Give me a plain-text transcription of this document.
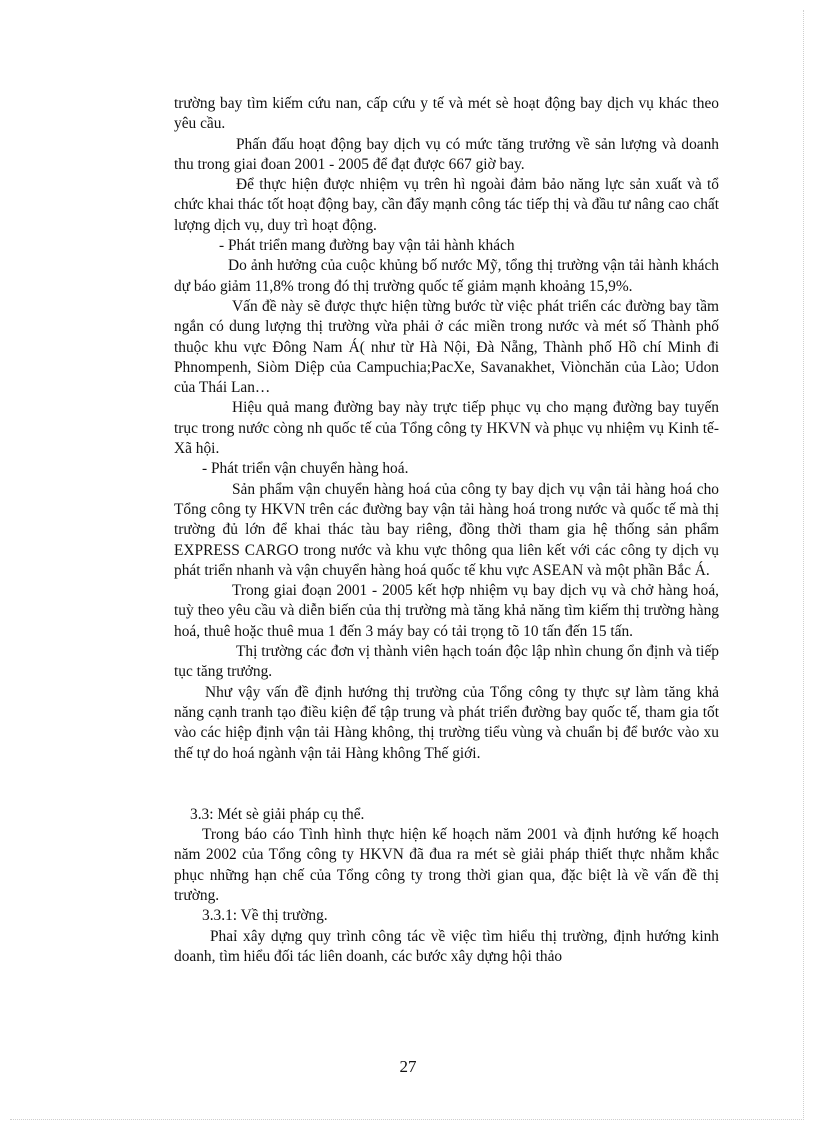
trường bay tìm kiếm cứu nan, cấp cứu y tế và mét sè hoạt động bay dịch vụ khác theo yêu cầu.

Phấn đấu hoạt động bay dịch vụ có mức tăng trưởng về sản lượng và doanh thu trong giai đoan 2001 - 2005 để đạt được 667 giờ bay.

Để thực hiện được nhiệm vụ trên hì ngoài đảm bảo năng lực sản xuất và tổ chức khai thác tốt hoạt động bay, cần đẩy mạnh công tác tiếp thị và đầu tư nâng cao chất lượng dịch vụ, duy trì hoạt động.

- Phát triển mang đường bay vận tải hành khách

Do ảnh hưởng của cuộc khủng bố nước Mỹ, tổng thị trường vận tải hành khách dự báo giảm 11,8% trong đó thị trường quốc tế giảm mạnh khoảng 15,9%.

Vấn đề này sẽ được thực hiện từng bước từ việc phát triển các đường bay tầm ngắn có dung lượng thị trường vừa phải ở các miền trong nước và mét số Thành phố thuộc khu vực Đông Nam Á( như từ Hà Nội, Đà Nẵng, Thành phố Hồ chí Minh đi Phnompenh, Siòm Diệp của Campuchia;PacXe, Savanakhet, Viònchăn của Lào; Udon của Thái Lan…

Hiệu quả mang đường bay này trực tiếp phục vụ cho mạng đường bay tuyến trục trong nước còng nh quốc tế của Tổng công ty HKVN và phục vụ nhiệm vụ Kinh tế- Xã hội.

- Phát triển vận chuyển hàng hoá.

Sản phẩm vận chuyển hàng hoá của công ty bay dịch vụ vận tải hàng hoá cho Tổng công ty HKVN trên các đường bay vận tải hàng hoá trong nước và quốc tế mà thị trường đủ lớn để khai thác tàu bay riêng, đồng thời tham gia hệ thống sản phẩm EXPRESS CARGO trong nước và khu vực thông qua liên kết với các công ty dịch vụ phát triển nhanh và vận chuyển hàng hoá quốc tế khu vực ASEAN và một phần Bắc Á.

Trong giai đoạn 2001 - 2005 kết hợp nhiệm vụ bay dịch vụ và chở hàng hoá, tuỳ theo yêu cầu và diễn biến của thị trường mà tăng khả năng tìm kiếm thị trường hàng hoá, thuê hoặc thuê mua 1 đến 3 máy bay có tải trọng tõ 10 tấn đến 15 tấn.

Thị trường các đơn vị thành viên hạch toán độc lập nhìn chung ổn định và tiếp tục tăng trưởng.

Như vậy vấn đề định hướng thị trường của Tổng công ty thực sự làm tăng khả năng cạnh tranh tạo điều kiện để tập trung và phát triển đường bay quốc tế, tham gia tốt vào các hiệp định vận tải Hàng không, thị trường tiểu vùng và chuẩn bị để bước vào xu thế tự do hoá ngành vận tải Hàng không Thế giới.

3.3: Mét sè giải pháp cụ thể.

Trong báo cáo Tình hình thực hiện kế hoạch năm 2001 và định hướng kế hoạch năm 2002 của Tổng công ty HKVN đã đua ra mét sè giải pháp thiết thực nhằm khắc phục những hạn chế của Tổng công ty trong thời gian qua, đặc biệt là về vấn đề thị trường.

3.3.1: Về thị trường.

Phaỉ xây dựng quy trình công tác về việc tìm hiểu thị trường, định hướng kinh doanh, tìm hiểu đối tác liên doanh, các bước xây dựng hội thảo

27
